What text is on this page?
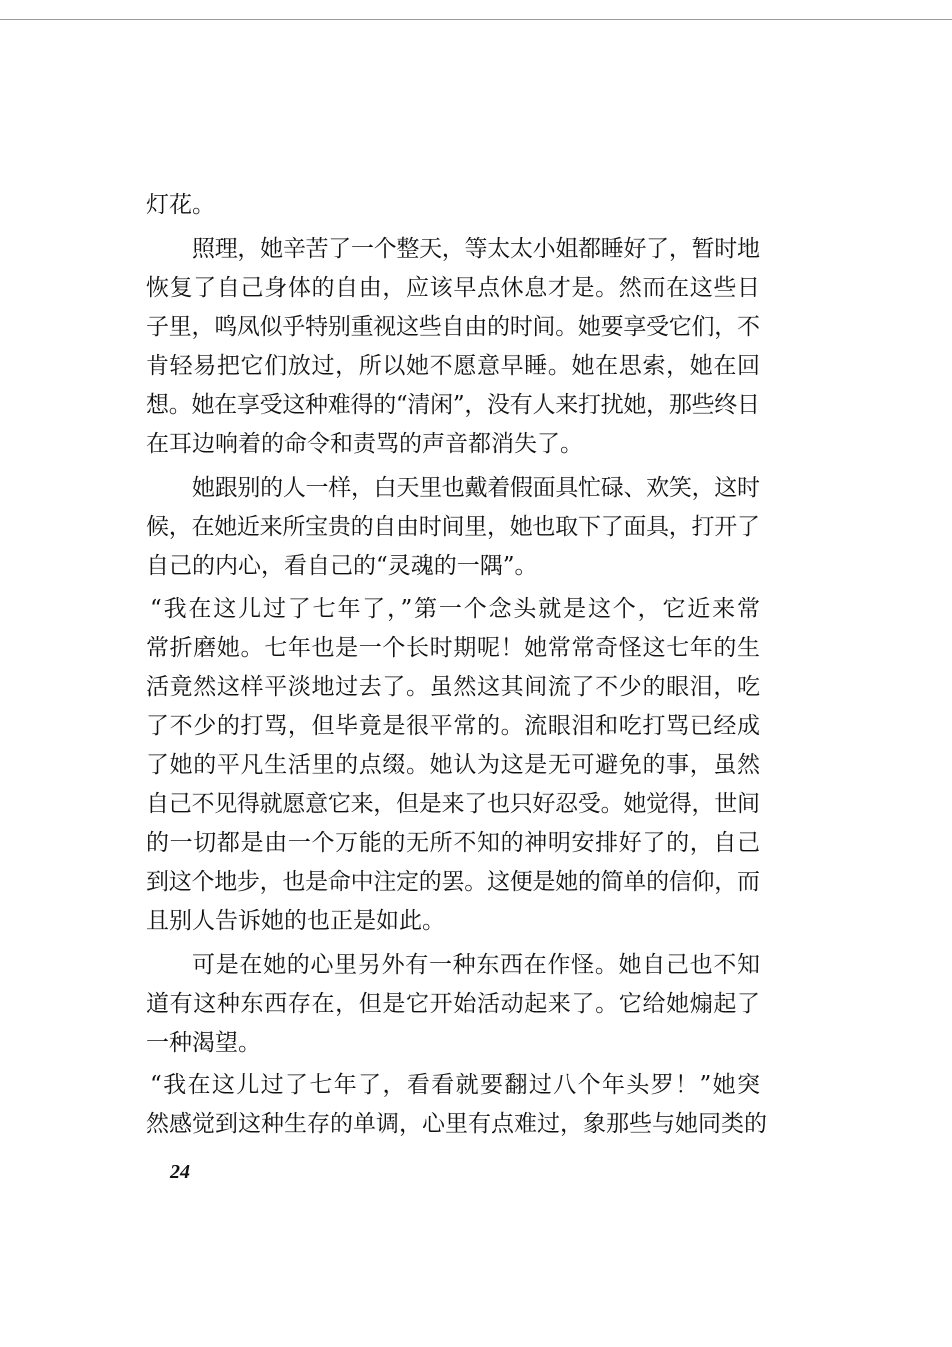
灯花。

照理，她辛苦了一个整天，等太太小姐都睡好了，暂时地

恢复了自己身体的自由，应该早点休息才是。然而在这些日

子里，鸣凤似乎特别重视这些自由的时间。她要享受它们，不

肯轻易把它们放过，所以她不愿意早睡。她在思索，她在回

想。她在享受这种难得的“清闲”，没有人来打扰她，那些终日

在耳边响着的命令和责骂的声音都消失了。

她跟别的人一样，白天里也戴着假面具忙碌、欢笑，这时

候，在她近来所宝贵的自由时间里，她也取下了面具，打开了

自己的内心，看自己的“灵魂的一隅”。

“我在这儿过了七年了，”第一个念头就是这个，它近来常

常折磨她。七年也是一个长时期呢！她常常奇怪这七年的生

活竟然这样平淡地过去了。虽然这其间流了不少的眼泪，吃

了不少的打骂，但毕竟是很平常的。流眼泪和吃打骂已经成

了她的平凡生活里的点缀。她认为这是无可避免的事，虽然

自己不见得就愿意它来，但是来了也只好忍受。她觉得，世间

的一切都是由一个万能的无所不知的神明安排好了的，自己

到这个地步，也是命中注定的罢。这便是她的简单的信仰，而

且别人告诉她的也正是如此。

可是在她的心里另外有一种东西在作怪。她自己也不知

道有这种东西存在，但是它开始活动起来了。它给她煽起了

一种渴望。

“我在这儿过了七年了，看看就要翻过八个年头罗！”她突

然感觉到这种生存的单调，心里有点难过，象那些与她同类的

24
